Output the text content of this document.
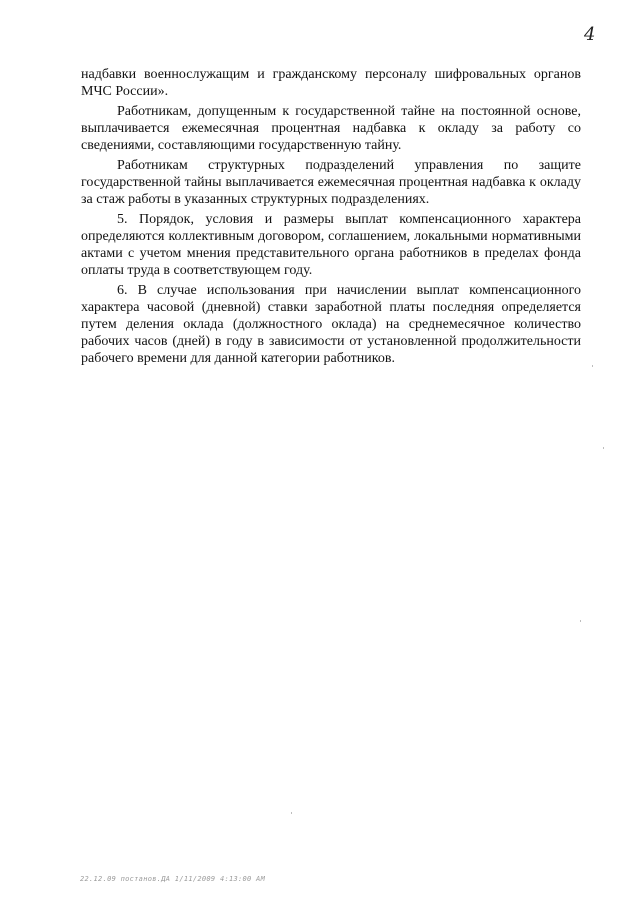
4

надбавки военнослужащим и гражданскому персоналу шифровальных органов МЧС России».

Работникам, допущенным к государственной тайне на постоянной основе, выплачивается ежемесячная процентная надбавка к окладу за работу со сведениями, составляющими государственную тайну.

Работникам структурных подразделений управления по защите государственной тайны выплачивается ежемесячная процентная надбавка к окладу за стаж работы в указанных структурных подразделениях.

5. Порядок, условия и размеры выплат компенсационного характера определяются коллективным договором, соглашением, локальными нормативными актами с учетом мнения представительного органа работников в пределах фонда оплаты труда в соответствующем году.

6. В случае использования при начислении выплат компенсационного характера часовой (дневной) ставки заработной платы последняя определяется путем деления оклада (должностного оклада) на среднемесячное количество рабочих часов (дней) в году в зависимости от установленной продолжительности рабочего времени для данной категории работников.

22.12.09 постанов.ДА 1/11/2009 4:13:00 AM
